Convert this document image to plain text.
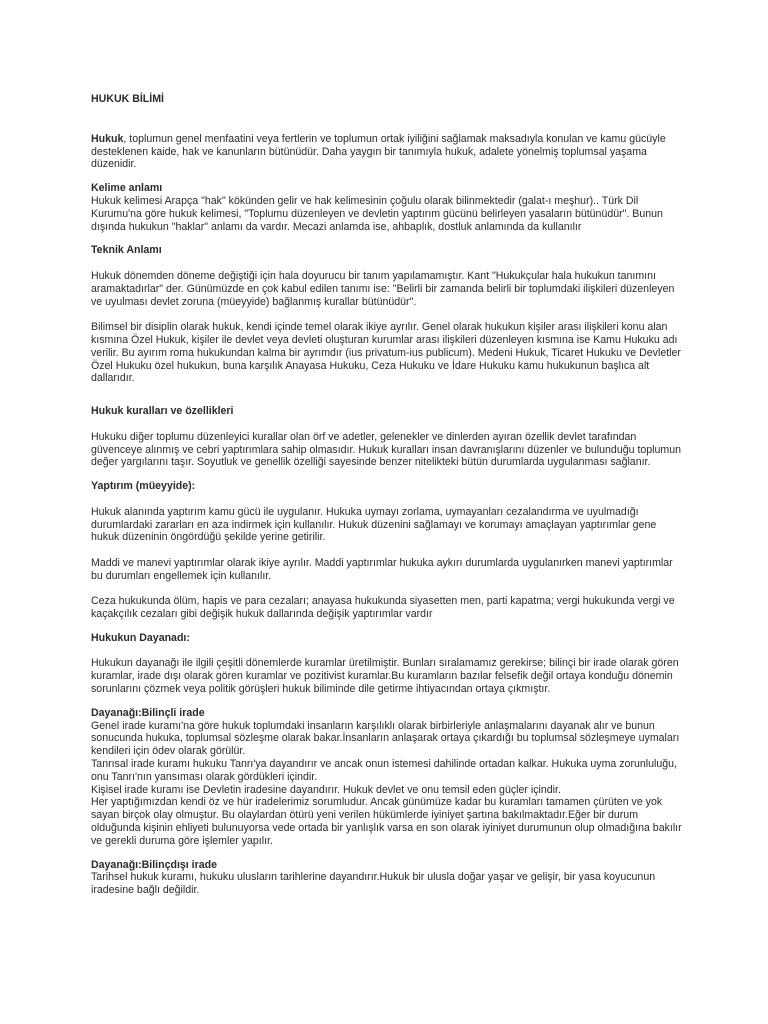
HUKUK BİLİMİ

Hukuk, toplumun genel menfaatini veya fertlerin ve toplumun ortak iyiliğini sağlamak maksadıyla konulan ve kamu gücüyle desteklenen kaide, hak ve kanunların bütünüdür. Daha yaygın bir tanımıyla hukuk, adalete yönelmiş toplumsal yaşama düzenidir.

Kelime anlamı

Hukuk kelimesi Arapça "hak" kökünden gelir ve hak kelimesinin çoğulu olarak bilinmektedir (galat-ı meşhur).. Türk Dil Kurumu'na göre hukuk kelimesi, "Toplumu düzenleyen ve devletin yaptırım gücünü belirleyen yasaların bütünüdür". Bunun dışında hukukun "haklar" anlamı da vardır. Mecazi anlamda ise, ahbaplık, dostluk anlamında da kullanılır

Teknik Anlamı

Hukuk dönemden döneme değiştiği için hala doyurucu bir tanım yapılamamıştır. Kant "Hukukçular hala hukukun tanımını aramaktadırlar" der. Günümüzde en çok kabul edilen tanımı ise: "Belirli bir zamanda belirli bir toplumdaki ilişkileri düzenleyen ve uyulması devlet zoruna (müeyyide) bağlanmış kurallar bütünüdür".

Bilimsel bir disiplin olarak hukuk, kendi içinde temel olarak ikiye ayrılır. Genel olarak hukukun kişiler arası ilişkileri konu alan kısmına Özel Hukuk, kişiler ile devlet veya devleti oluşturan kurumlar arası ilişkileri düzenleyen kısmına ise Kamu Hukuku adı verilir. Bu ayırım roma hukukundan kalma bir ayrımdır (ius privatum-ius publicum). Medeni Hukuk, Ticaret Hukuku ve Devletler Özel Hukuku özel hukukun, buna karşılık Anayasa Hukuku, Ceza Hukuku ve İdare Hukuku kamu hukukunun başlıca alt dallarıdır.

Hukuk kuralları ve özellikleri

Hukuku diğer toplumu düzenleyici kurallar olan örf ve adetler, gelenekler ve dinlerden ayıran özellik devlet tarafından güvenceye alınmış ve cebri yaptırımlara sahip olmasıdır. Hukuk kuralları insan davranışlarını düzenler ve bulunduğu toplumun değer yargılarını taşır. Soyutluk ve genellik özelliği sayesinde benzer nitelikteki bütün durumlarda uygulanması sağlanır.

Yaptırım (müeyyide):

Hukuk alanında yaptırım kamu gücü ile uygulanır. Hukuka uymayı zorlama, uymayanları cezalandırma ve uyulmadığı durumlardaki zararları en aza indirmek için kullanılır. Hukuk düzenini sağlamayı ve korumayı amaçlayan yaptırımlar gene hukuk düzeninin öngördüğü şekilde yerine getirilir.

Maddi ve manevi yaptırımlar olarak ikiye ayrılır. Maddi yaptırımlar hukuka aykırı durumlarda uygulanırken manevi yaptırımlar bu durumları engellemek için kullanılır.

Ceza hukukunda ölüm, hapis ve para cezaları; anayasa hukukunda siyasetten men, parti kapatma; vergi hukukunda vergi ve kaçakçılık cezaları gibi değişik hukuk dallarında değişik yaptırımlar vardır

Hukukun Dayanadı:

Hukukun dayanağı ile ilgili çeşitli dönemlerde kuramlar üretilmiştir. Bunları sıralamamız gerekirse; bilinçi bir irade olarak gören kuramlar, irade dışı olarak gören kuramlar ve pozitivist kuramlar.Bu kuramların bazılar felsefik değil ortaya konduğu dönemin sorunlarını çözmek veya politik görüşleri hukuk biliminde dile getirme ihtiyacından ortaya çıkmıştır.

Dayanağı:Bilinçli irade

Genel irade kuramı'na göre hukuk toplumdaki insanların karşılıklı olarak birbirleriyle anlaşmalarını dayanak alır ve bunun sonucunda hukuka, toplumsal sözleşme olarak bakar.İnsanların anlaşarak ortaya çıkardığı bu toplumsal sözleşmeye uymaları kendileri için ödev olarak görülür.

Tanrısal irade kuramı hukuku Tanrı'ya dayandırır ve ancak onun istemesi dahilinde ortadan kalkar. Hukuka uyma zorunluluğu, onu Tanrı'nın yansıması olarak gördükleri içindir.

Kişisel irade kuramı ise Devletin iradesine dayandırır. Hukuk devlet ve onu temsil eden güçler içindir.

Her yaptığımızdan kendi öz ve hür iradelerimiz sorumludur. Ancak günümüze kadar bu kuramları tamamen çürüten ve yok sayan birçok olay olmuştur. Bu olaylardan ötürü yeni verilen hükümlerde iyiniyet şartına bakılmaktadır.Eğer bir durum olduğunda kişinin ehliyeti bulunuyorsa vede ortada bir yanlışlık varsa en son olarak iyiniyet durumunun olup olmadığına bakılır ve gerekli duruma göre işlemler yapılır.

Dayanağı:Bilinçdışı irade

Tarihsel hukuk kuramı, hukuku ulusların tarihlerine dayandırır.Hukuk bir ulusla doğar yaşar ve gelişir, bir yasa koyucunun iradesine bağlı değildir.
